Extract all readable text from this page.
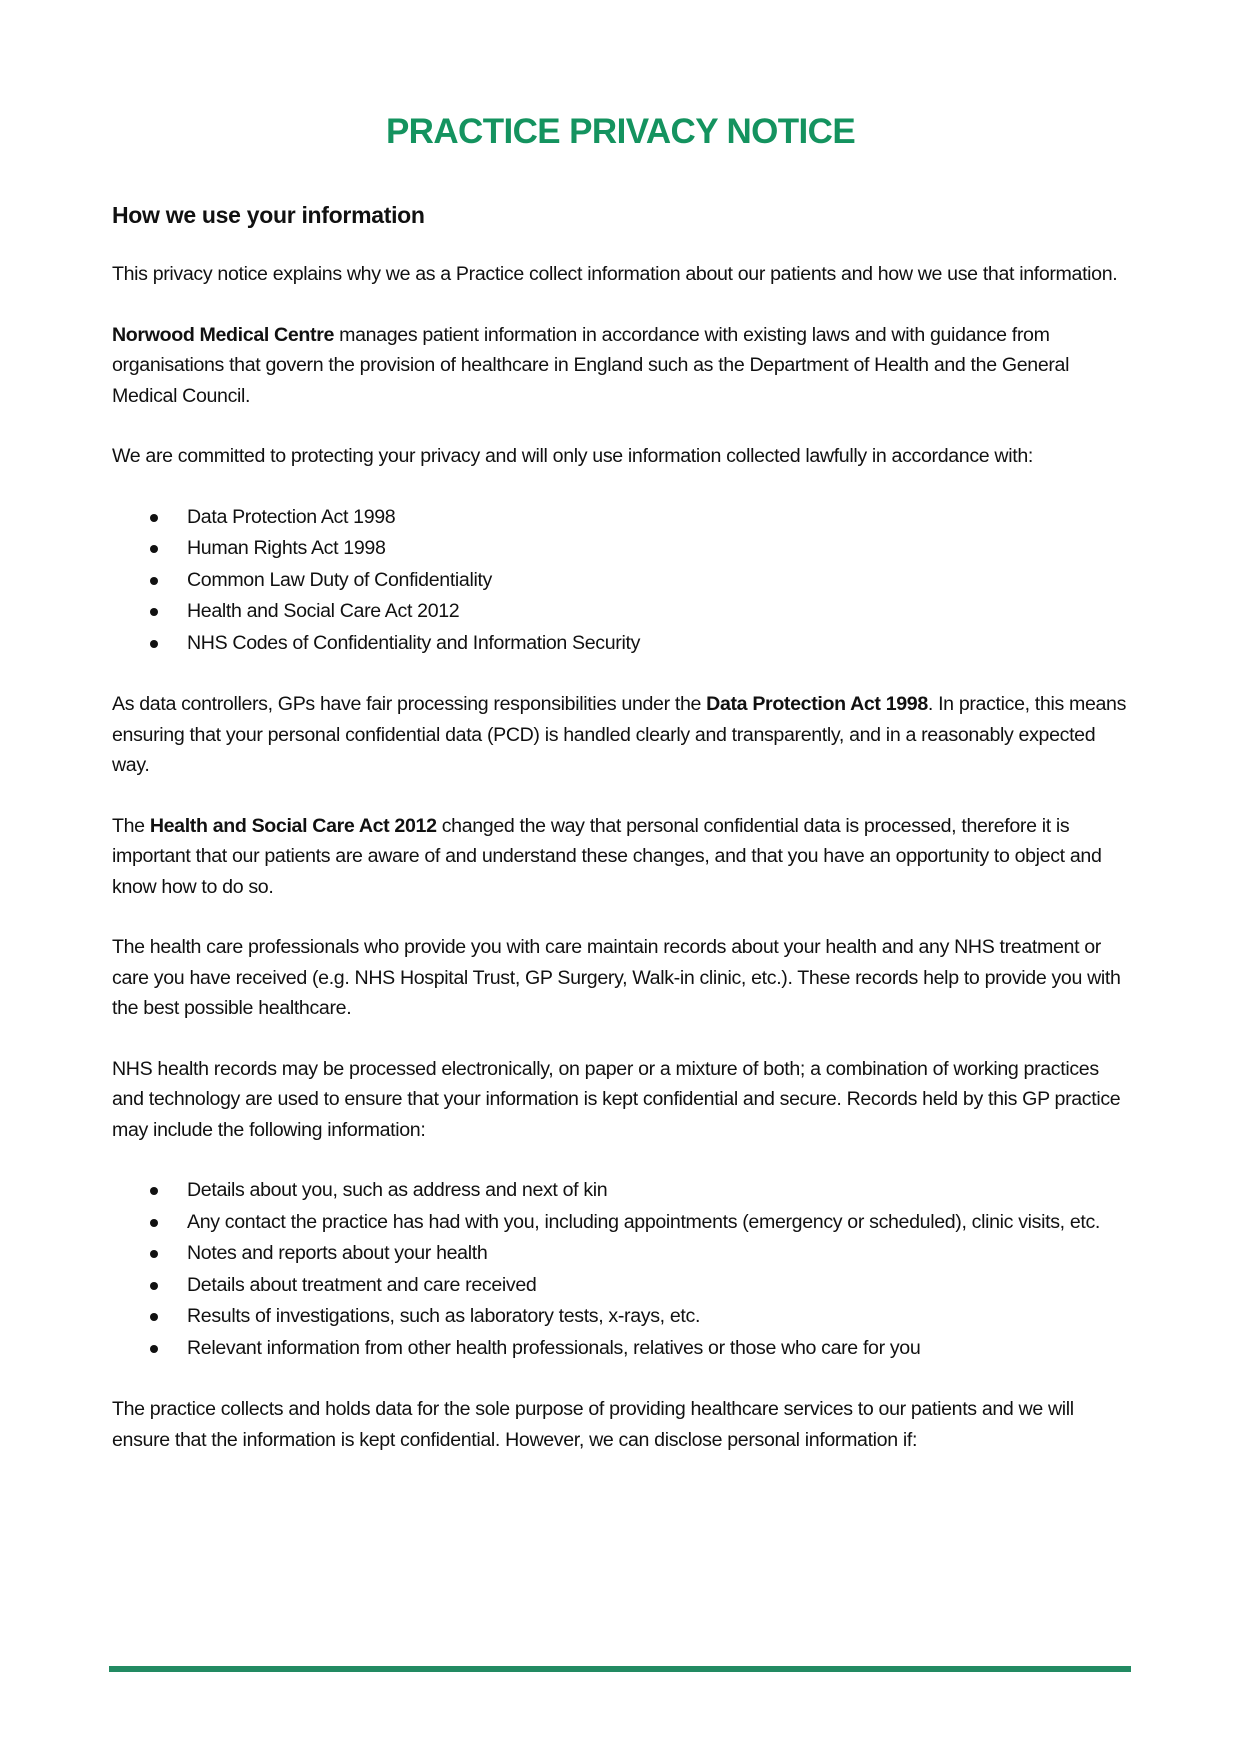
PRACTICE PRIVACY NOTICE
How we use your information

This privacy notice explains why we as a Practice collect information about our patients and how we use that information.

Norwood Medical Centre manages patient information in accordance with existing laws and with guidance from organisations that govern the provision of healthcare in England such as the Department of Health and the General Medical Council.

We are committed to protecting your privacy and will only use information collected lawfully in accordance with:

Data Protection Act 1998
Human Rights Act 1998
Common Law Duty of Confidentiality
Health and Social Care Act 2012
NHS Codes of Confidentiality and Information Security

As data controllers, GPs have fair processing responsibilities under the Data Protection Act 1998. In practice, this means ensuring that your personal confidential data (PCD) is handled clearly and transparently, and in a reasonably expected way.

The Health and Social Care Act 2012 changed the way that personal confidential data is processed, therefore it is important that our patients are aware of and understand these changes, and that you have an opportunity to object and know how to do so.

The health care professionals who provide you with care maintain records about your health and any NHS treatment or care you have received (e.g. NHS Hospital Trust, GP Surgery, Walk-in clinic, etc.). These records help to provide you with the best possible healthcare.

NHS health records may be processed electronically, on paper or a mixture of both; a combination of working practices and technology are used to ensure that your information is kept confidential and secure. Records held by this GP practice may include the following information:

Details about you, such as address and next of kin
Any contact the practice has had with you, including appointments (emergency or scheduled), clinic visits, etc.
Notes and reports about your health
Details about treatment and care received
Results of investigations, such as laboratory tests, x-rays, etc.
Relevant information from other health professionals, relatives or those who care for you

The practice collects and holds data for the sole purpose of providing healthcare services to our patients and we will ensure that the information is kept confidential. However, we can disclose personal information if:
